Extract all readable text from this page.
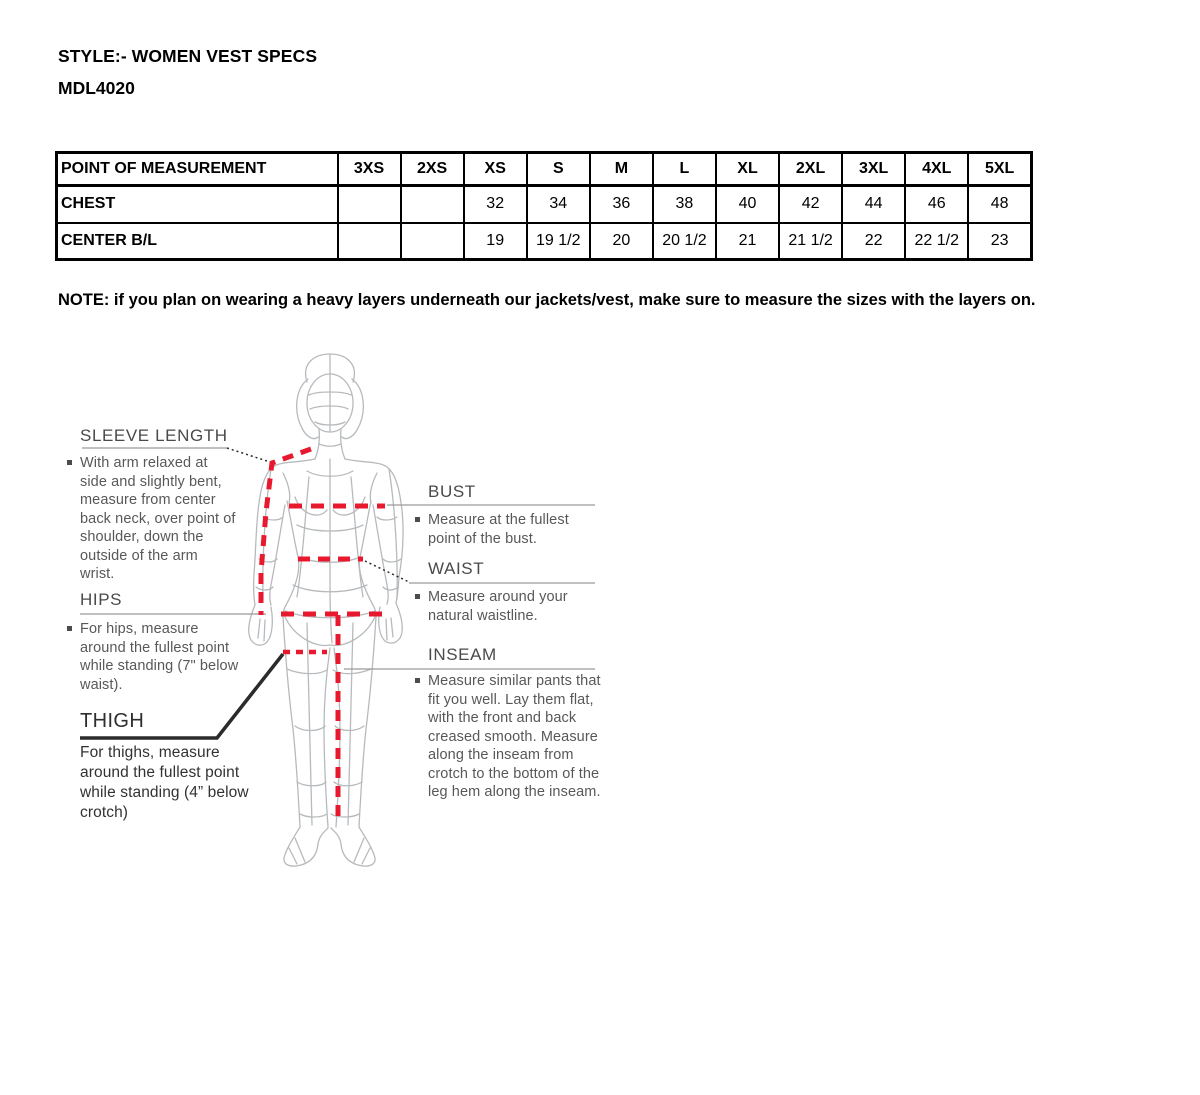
STYLE:- WOMEN VEST SPECS
MDL4020
POINT OF MEASUREMENT	3XS	2XS	XS	S	M	L	XL	2XL	3XL	4XL	5XL
CHEST			32	34	36	38	40	42	44	46	48
CENTER B/L			19	19 1/2	20	20 1/2	21	21 1/2	22	22 1/2	23
NOTE: if you plan on wearing a heavy layers underneath our jackets/vest, make sure to measure the sizes with the layers on.
SLEEVE LENGTH
With arm relaxed at side and slightly bent, measure from center back neck, over point of shoulder, down the outside of the arm wrist.
HIPS
For hips, measure around the fullest point while standing (7" below waist).
THIGH
For thighs, measure around the fullest point while standing (4” below crotch)
BUST
Measure at the fullest point of the bust.
WAIST
Measure around your natural waistline.
INSEAM
Measure similar pants that fit you well. Lay them flat, with the front and back creased smooth. Measure along the inseam from crotch to the bottom of the leg hem along the inseam.
